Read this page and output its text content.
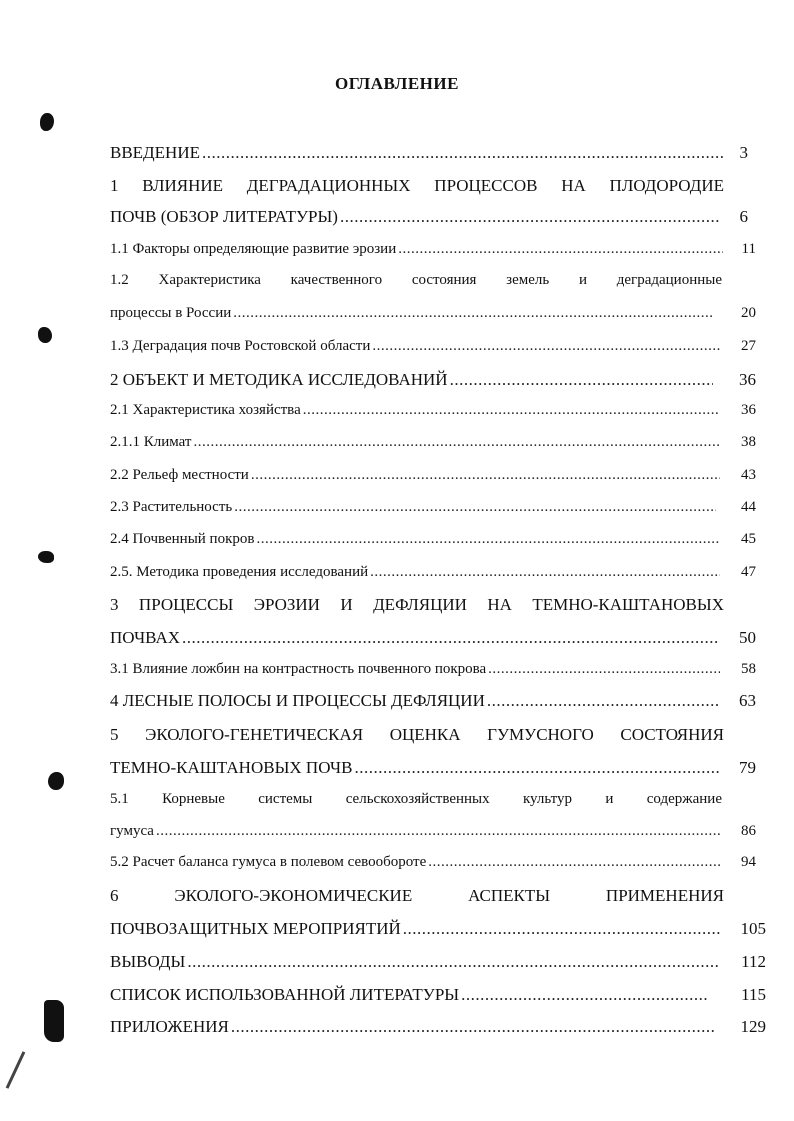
ОГЛАВЛЕНИЕ
ВВЕДЕНИЕ .....	3
1 ВЛИЯНИЕ ДЕГРАДАЦИОННЫХ ПРОЦЕССОВ НА ПЛОДОРОДИЕ
ПОЧВ (ОБЗОР ЛИТЕРАТУРЫ) .....	6
1.1 Факторы определяющие развитие эрозии .....	11
1.2 Характеристика качественного состояния земель и деградационные
процессы в России .....	20
1.3 Деградация почв Ростовской области .....	27
2 ОБЪЕКТ И МЕТОДИКА ИССЛЕДОВАНИЙ .....	36
2.1 Характеристика хозяйства .....	36
2.1.1 Климат .....	38
2.2 Рельеф местности .....	43
2.3 Растительность .....	44
2.4 Почвенный покров .....	45
2.5. Методика проведения исследований .....	47
3 ПРОЦЕССЫ ЭРОЗИИ И ДЕФЛЯЦИИ НА ТЕМНО-КАШТАНОВЫХ
ПОЧВАХ .....	50
3.1 Влияние ложбин на контрастность почвенного покрова .....	58
4 ЛЕСНЫЕ ПОЛОСЫ И ПРОЦЕССЫ ДЕФЛЯЦИИ .....	63
5 ЭКОЛОГО-ГЕНЕТИЧЕСКАЯ ОЦЕНКА ГУМУСНОГО СОСТОЯНИЯ
ТЕМНО-КАШТАНОВЫХ ПОЧВ .....	79
5.1 Корневые системы сельскохозяйственных культур и содержание
гумуса .....	86
5.2 Расчет баланса гумуса в полевом севообороте .....	94
6 ЭКОЛОГО-ЭКОНОМИЧЕСКИЕ АСПЕКТЫ ПРИМЕНЕНИЯ
ПОЧВОЗАЩИТНЫХ МЕРОПРИЯТИЙ .....	105
ВЫВОДЫ .....	112
СПИСОК ИСПОЛЬЗОВАННОЙ ЛИТЕРАТУРЫ .....	115
ПРИЛОЖЕНИЯ .....	129
